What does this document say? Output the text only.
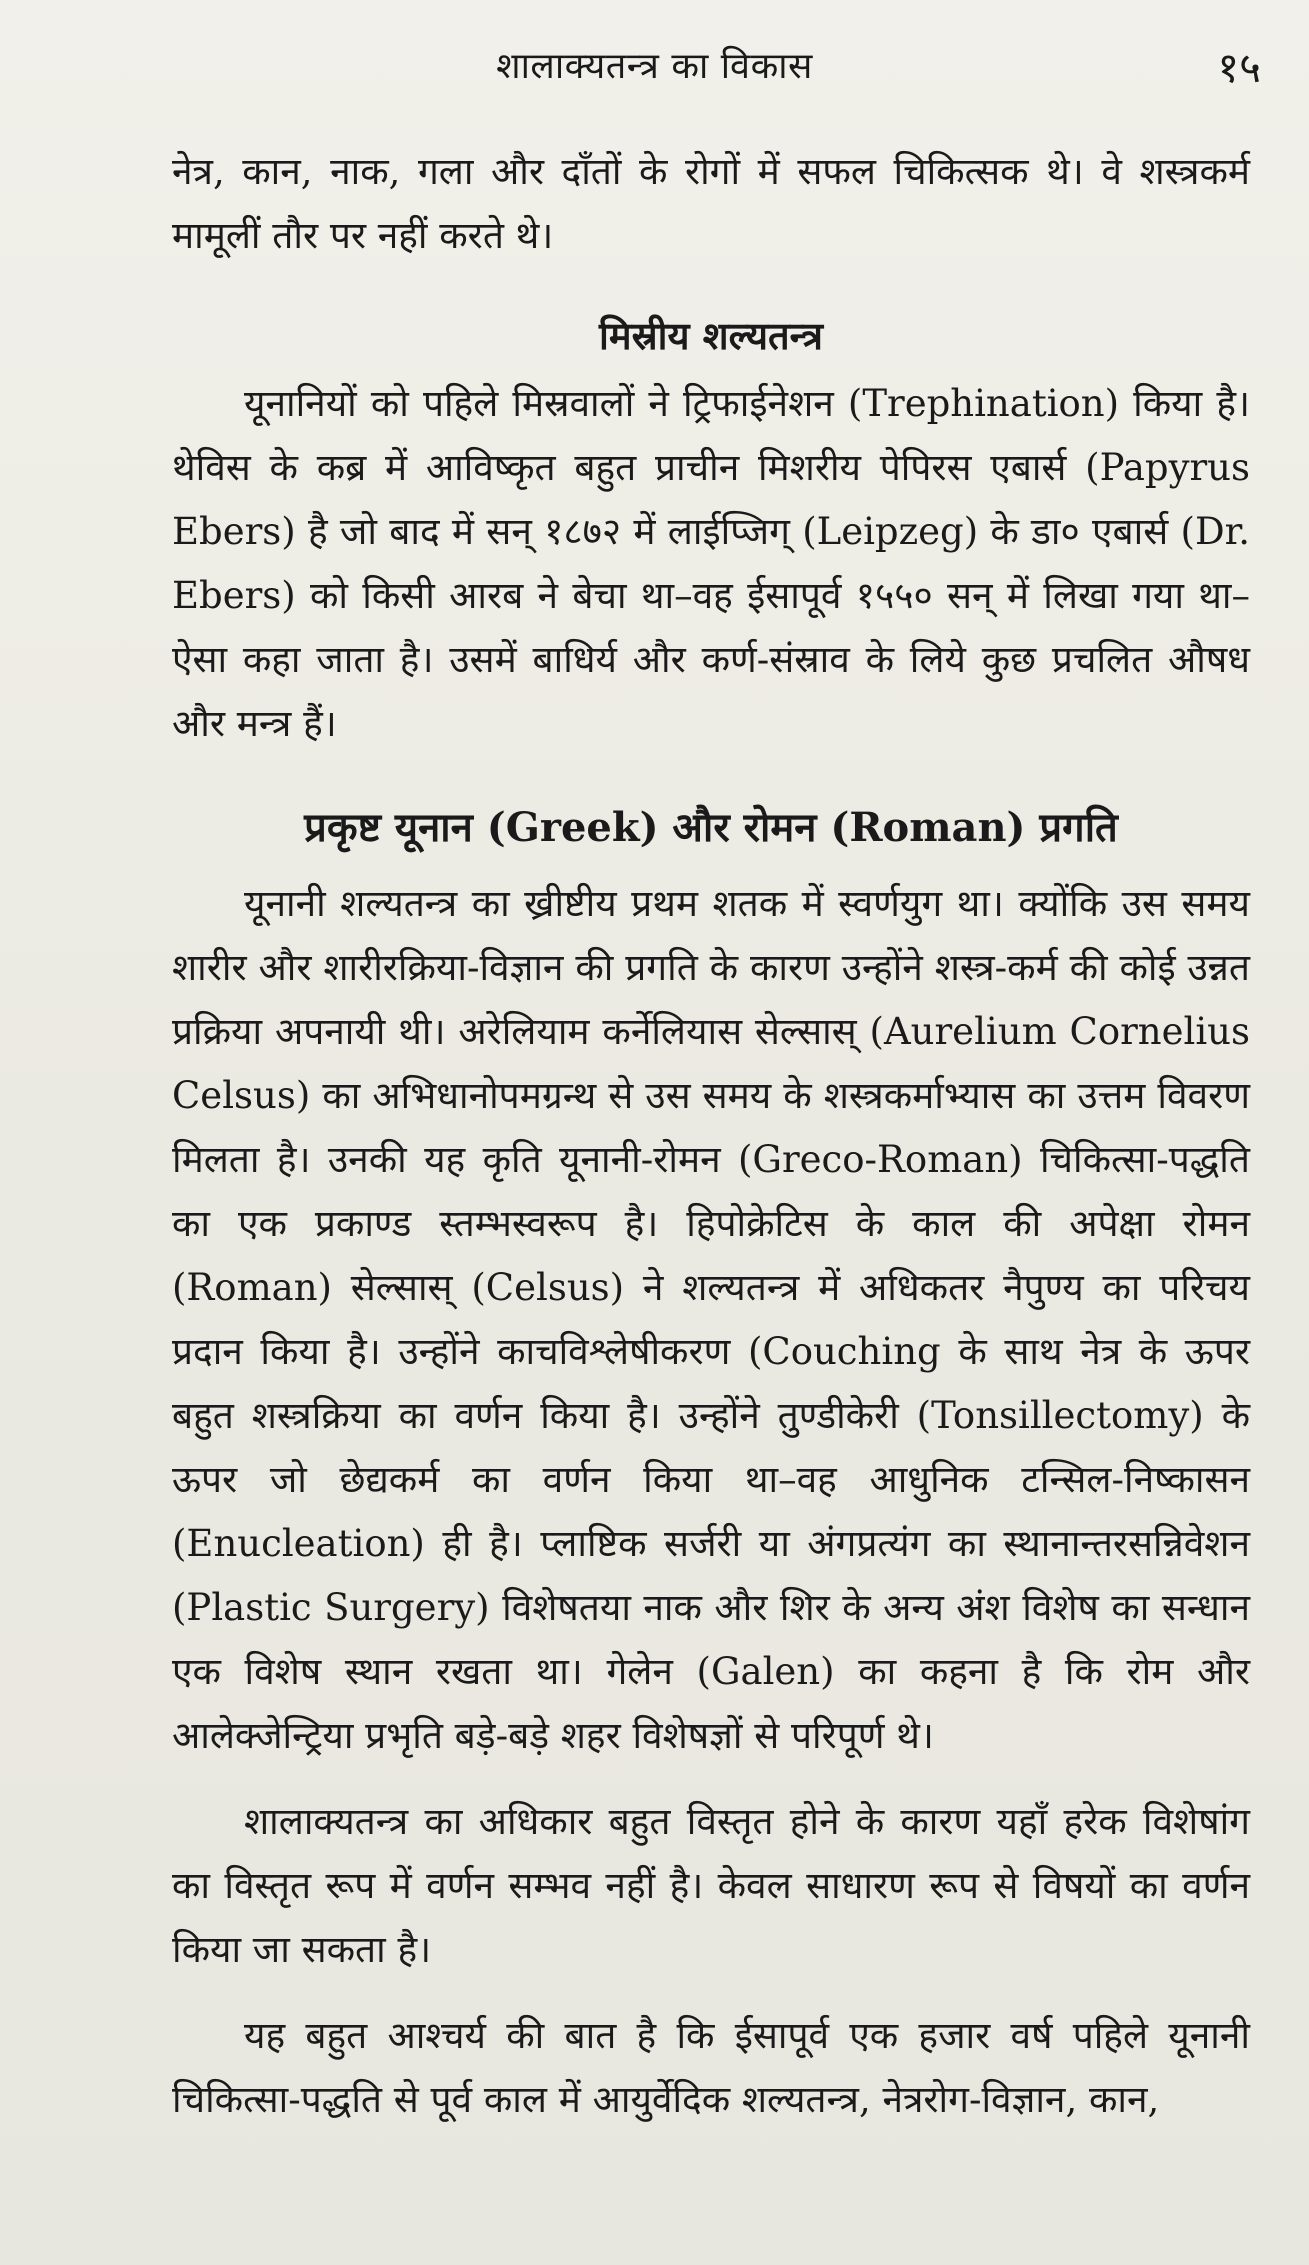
शालाक्यतन्त्र का विकास	१५

नेत्र, कान, नाक, गला और दाँतों के रोगों में सफल चिकित्सक थे। वे शस्त्रकर्म मामूलीं तौर पर नहीं करते थे।

मिस्रीय शल्यतन्त्र

यूनानियों को पहिले मिस्रवालों ने ट्रिफाईनेशन (Trephination) किया है। थेविस के कब्र में आविष्कृत बहुत प्राचीन मिशरीय पेपिरस एबार्स (Papyrus Ebers) है जो बाद में सन् १८७२ में लाईप्जिग् (Leipzeg) के डा० एबार्स (Dr. Ebers) को किसी आरब ने बेचा था–वह ईसापूर्व १५५० सन् में लिखा गया था–ऐसा कहा जाता है। उसमें बाधिर्य और कर्ण-संस्राव के लिये कुछ प्रचलित औषध और मन्त्र हैं।

प्रकृष्ट यूनान (Greek) और रोमन (Roman) प्रगति

यूनानी शल्यतन्त्र का ख्रीष्टीय प्रथम शतक में स्वर्णयुग था। क्योंकि उस समय शारीर और शारीरक्रिया-विज्ञान की प्रगति के कारण उन्होंने शस्त्र-कर्म की कोई उन्नत प्रक्रिया अपनायी थी। अरेलियाम कर्नेलियास सेल्सास् (Aurelium Cornelius Celsus) का अभिधानोपमग्रन्थ से उस समय के शस्त्रकर्माभ्यास का उत्तम विवरण मिलता है। उनकी यह कृति यूनानी-रोमन (Greco-Roman) चिकित्सा-पद्धति का एक प्रकाण्ड स्तम्भस्वरूप है। हिपोक्रेटिस के काल की अपेक्षा रोमन (Roman) सेल्सास् (Celsus) ने शल्यतन्त्र में अधिकतर नैपुण्य का परिचय प्रदान किया है। उन्होंने काचविश्लेषीकरण (Couching के साथ नेत्र के ऊपर बहुत शस्त्रक्रिया का वर्णन किया है। उन्होंने तुण्डीकेरी (Tonsillectomy) के ऊपर जो छेद्यकर्म का वर्णन किया था–वह आधुनिक टन्सिल-निष्कासन (Enucleation) ही है। प्लाष्टिक सर्जरी या अंगप्रत्यंग का स्थानान्तरसन्निवेशन (Plastic Surgery) विशेषतया नाक और शिर के अन्य अंश विशेष का सन्धान एक विशेष स्थान रखता था। गेलेन (Galen) का कहना है कि रोम और आलेक्जेन्ट्रिया प्रभृति बड़े-बड़े शहर विशेषज्ञों से परिपूर्ण थे।

शालाक्यतन्त्र का अधिकार बहुत विस्तृत होने के कारण यहाँ हरेक विशेषांग का विस्तृत रूप में वर्णन सम्भव नहीं है। केवल साधारण रूप से विषयों का वर्णन किया जा सकता है।

यह बहुत आश्चर्य की बात है कि ईसापूर्व एक हजार वर्ष पहिले यूनानी चिकित्सा-पद्धति से पूर्व काल में आयुर्वेदिक शल्यतन्त्र, नेत्ररोग-विज्ञान, कान,
